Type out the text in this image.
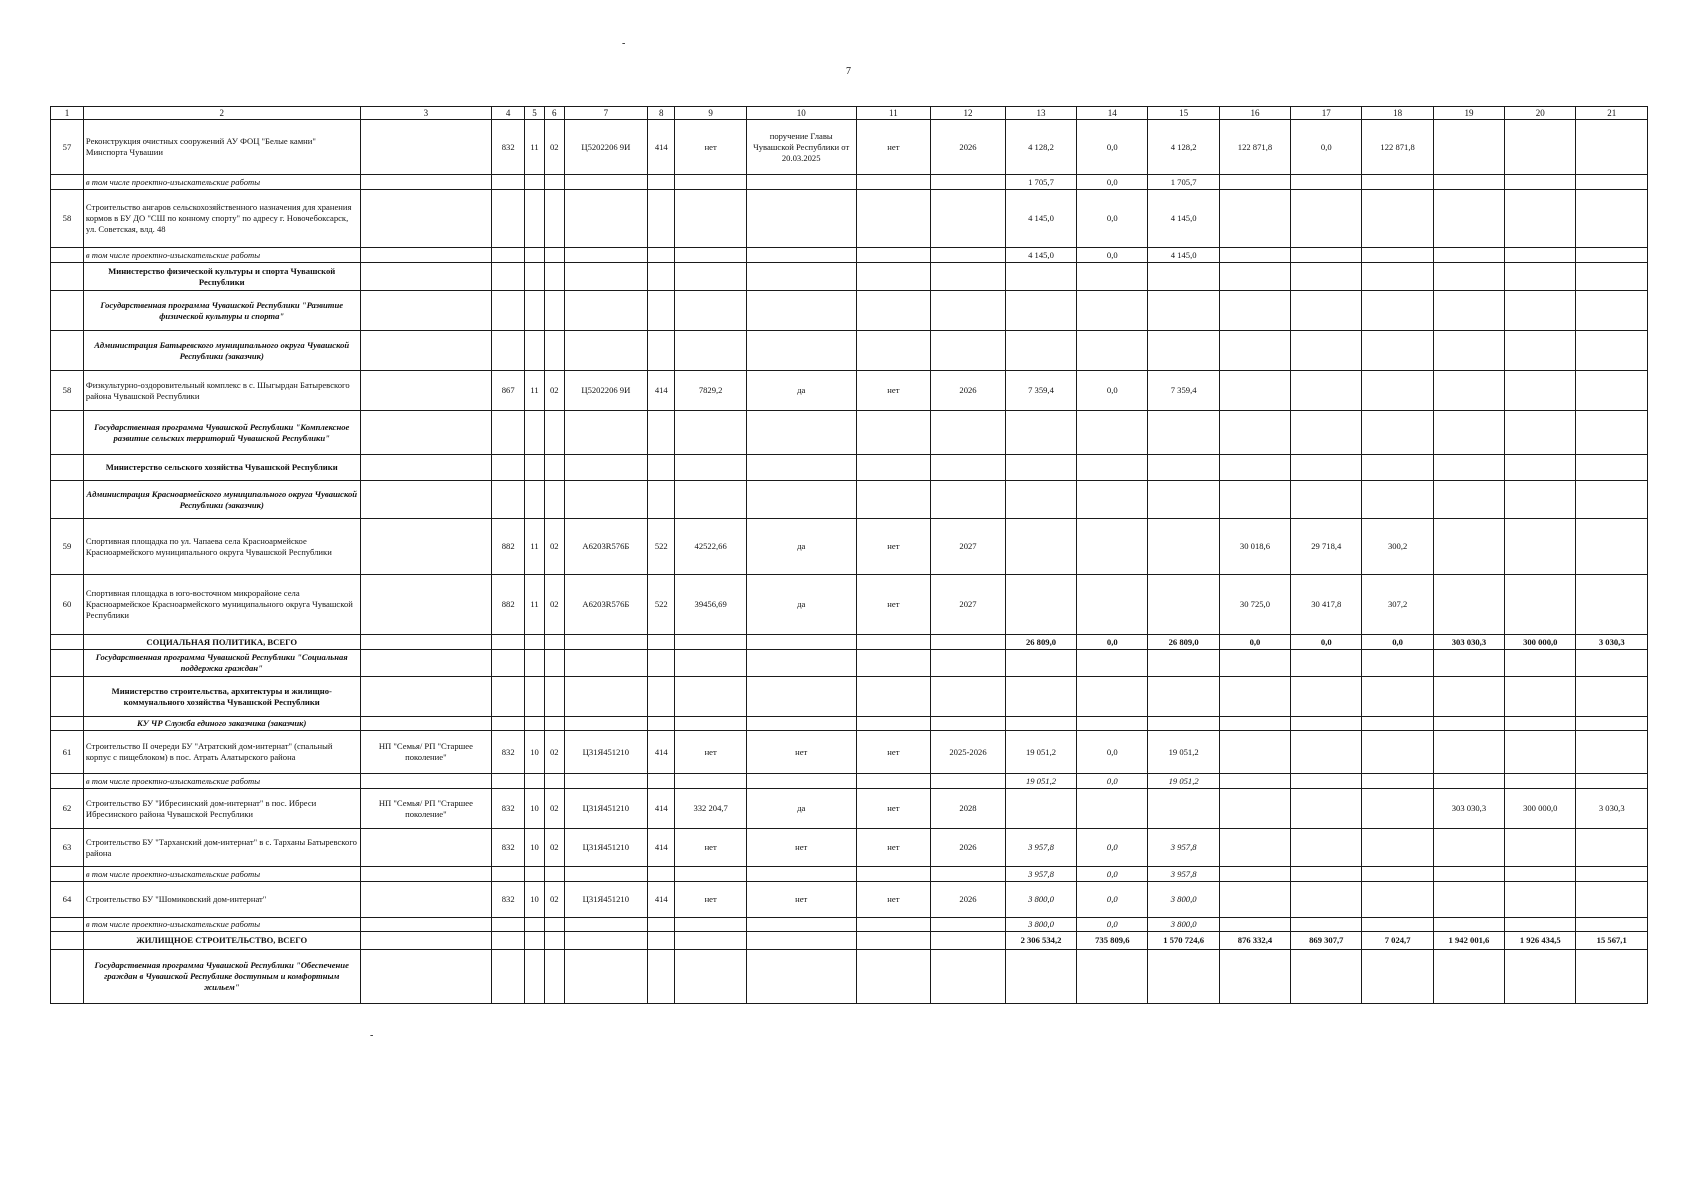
7
-
-
1	2	3	4	5	6	7	8	9	10	11	12	13	14	15	16	17	18	19	20	21
57	Реконструкция очистных сооружений АУ ФОЦ "Белые камни" Минспорта Чувашии		832	11	02	Ц5202206 9И	414	нет	поручение Главы Чувашской Республики от 20.03.2025	нет	2026	4 128,2	0,0	4 128,2	122 871,8	0,0	122 871,8			
	в том числе проектно-изыскательские работы											1 705,7	0,0	1 705,7						
58	Строительство ангаров сельскохозяйственного назначения для хранения кормов в БУ ДО "СШ по конному спорту" по адресу г. Новочебоксарск, ул. Советская, влд. 48											4 145,0	0,0	4 145,0						
	в том числе проектно-изыскательские работы											4 145,0	0,0	4 145,0						
	Министерство физической культуры и спорта Чувашской Республики																			
	Государственная программа Чувашской Республики "Развитие физической культуры и спорта"																			
	Администрация Батыревского муниципального округа Чувашской Республики (заказчик)																			
58	Физкультурно-оздоровительный комплекс в с. Шыгырдан Батыревского района Чувашской Республики		867	11	02	Ц5202206 9И	414	7829,2	да	нет	2026	7 359,4	0,0	7 359,4						
	Государственная программа Чувашской Республики "Комплексное развитие сельских территорий Чувашской Республики"																			
	Министерство сельского хозяйства Чувашской Республики																			
	Администрация Красноармейского муниципального округа Чувашской Республики (заказчик)																			
59	Спортивная площадка по ул. Чапаева села Красноармейское Красноармейского муниципального округа Чувашской Республики		882	11	02	А6203R576Б	522	42522,66	да	нет	2027				30 018,6	29 718,4	300,2			
60	Спортивная площадка в юго-восточном микрорайоне села Красноармейское Красноармейского муниципального округа Чувашской Республики		882	11	02	А6203R576Б	522	39456,69	да	нет	2027				30 725,0	30 417,8	307,2			
	СОЦИАЛЬНАЯ ПОЛИТИКА, ВСЕГО											26 809,0	0,0	26 809,0	0,0	0,0	0,0	303 030,3	300 000,0	3 030,3
	Государственная программа Чувашской Республики "Социальная поддержка граждан"																			
	Министерство строительства, архитектуры и жилищно-коммунального хозяйства Чувашской Республики																			
	КУ ЧР Служба единого заказчика (заказчик)																			
61	Строительство II очереди БУ "Атратский дом-интернат" (спальный корпус с пищеблоком) в пос. Атрать Алатырского района	НП "Семья/ РП "Старшее поколение"	832	10	02	Ц31Я451210	414	нет	нет	нет	2025-2026	19 051,2	0,0	19 051,2						
	в том числе проектно-изыскательские работы											19 051,2	0,0	19 051,2						
62	Строительство БУ "Ибресинский дом-интернат" в пос. Ибреси Ибресинского района Чувашской Республики	НП "Семья/ РП "Старшее поколение"	832	10	02	Ц31Я451210	414	332 204,7	да	нет	2028							303 030,3	300 000,0	3 030,3
63	Строительство БУ "Тарханский дом-интернат" в с. Тарханы Батыревского района		832	10	02	Ц31Я451210	414	нет	нет	нет	2026	3 957,8	0,0	3 957,8						
	в том числе проектно-изыскательские работы											3 957,8	0,0	3 957,8						
64	Строительство БУ "Шомиковский дом-интернат"		832	10	02	Ц31Я451210	414	нет	нет	нет	2026	3 800,0	0,0	3 800,0						
	в том числе проектно-изыскательские работы											3 800,0	0,0	3 800,0						
	ЖИЛИЩНОЕ СТРОИТЕЛЬСТВО, ВСЕГО											2 306 534,2	735 809,6	1 570 724,6	876 332,4	869 307,7	7 024,7	1 942 001,6	1 926 434,5	15 567,1
	Государственная программа Чувашской Республики "Обеспечение граждан в Чувашской Республике доступным и комфортным жильем"																			
